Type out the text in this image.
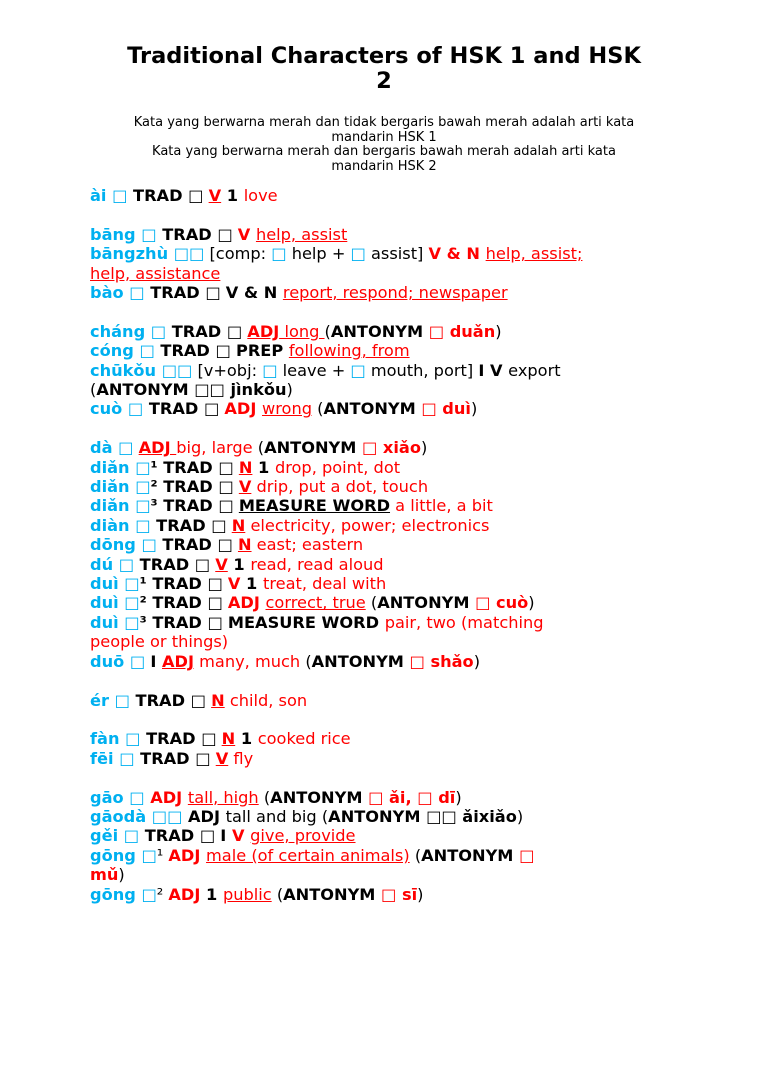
Traditional Characters of HSK 1 and HSK
2
Kata yang berwarna merah dan tidak bergaris bawah merah adalah arti kata
mandarin HSK 1
Kata yang berwarna merah dan bergaris bawah merah adalah arti kata
mandarin HSK 2
ài □ TRAD □ V 1 love
bāng □ TRAD □ V help, assist
bāngzhù □□ [comp: □ help + □ assist] V & N help, assist;
help, assistance
bào □ TRAD □ V & N report, respond; newspaper
cháng □ TRAD □ ADJ long (ANTONYM □ duǎn)
cóng □ TRAD □ PREP following, from
chūkǒu □□ [v+obj: □ leave + □ mouth, port] I V export
(ANTONYM □□ jìnkǒu)
cuò □ TRAD □ ADJ wrong (ANTONYM □ duì)
dà □ ADJ big, large (ANTONYM □ xiǎo)
diǎn □¹ TRAD □ N 1 drop, point, dot
diǎn □² TRAD □ V drip, put a dot, touch
diǎn □³ TRAD □ MEASURE WORD a little, a bit
diàn □ TRAD □ N electricity, power; electronics
dōng □ TRAD □ N east; eastern
dú □ TRAD □ V 1 read, read aloud
duì □¹ TRAD □ V 1 treat, deal with
duì □² TRAD □ ADJ correct, true (ANTONYM □ cuò)
duì □³ TRAD □ MEASURE WORD pair, two (matching
people or things)
duō □ I ADJ many, much (ANTONYM □ shǎo)
ér □ TRAD □ N child, son
fàn □ TRAD □ N 1 cooked rice
fēi □ TRAD □ V fly
gāo □ ADJ tall, high (ANTONYM □ ǎi, □ dī)
gāodà □□ ADJ tall and big (ANTONYM □□ ǎixiǎo)
gěi □ TRAD □ I V give, provide
gōng □¹ ADJ male (of certain animals) (ANTONYM □
mǔ)
gōng □² ADJ 1 public (ANTONYM □ sī)
